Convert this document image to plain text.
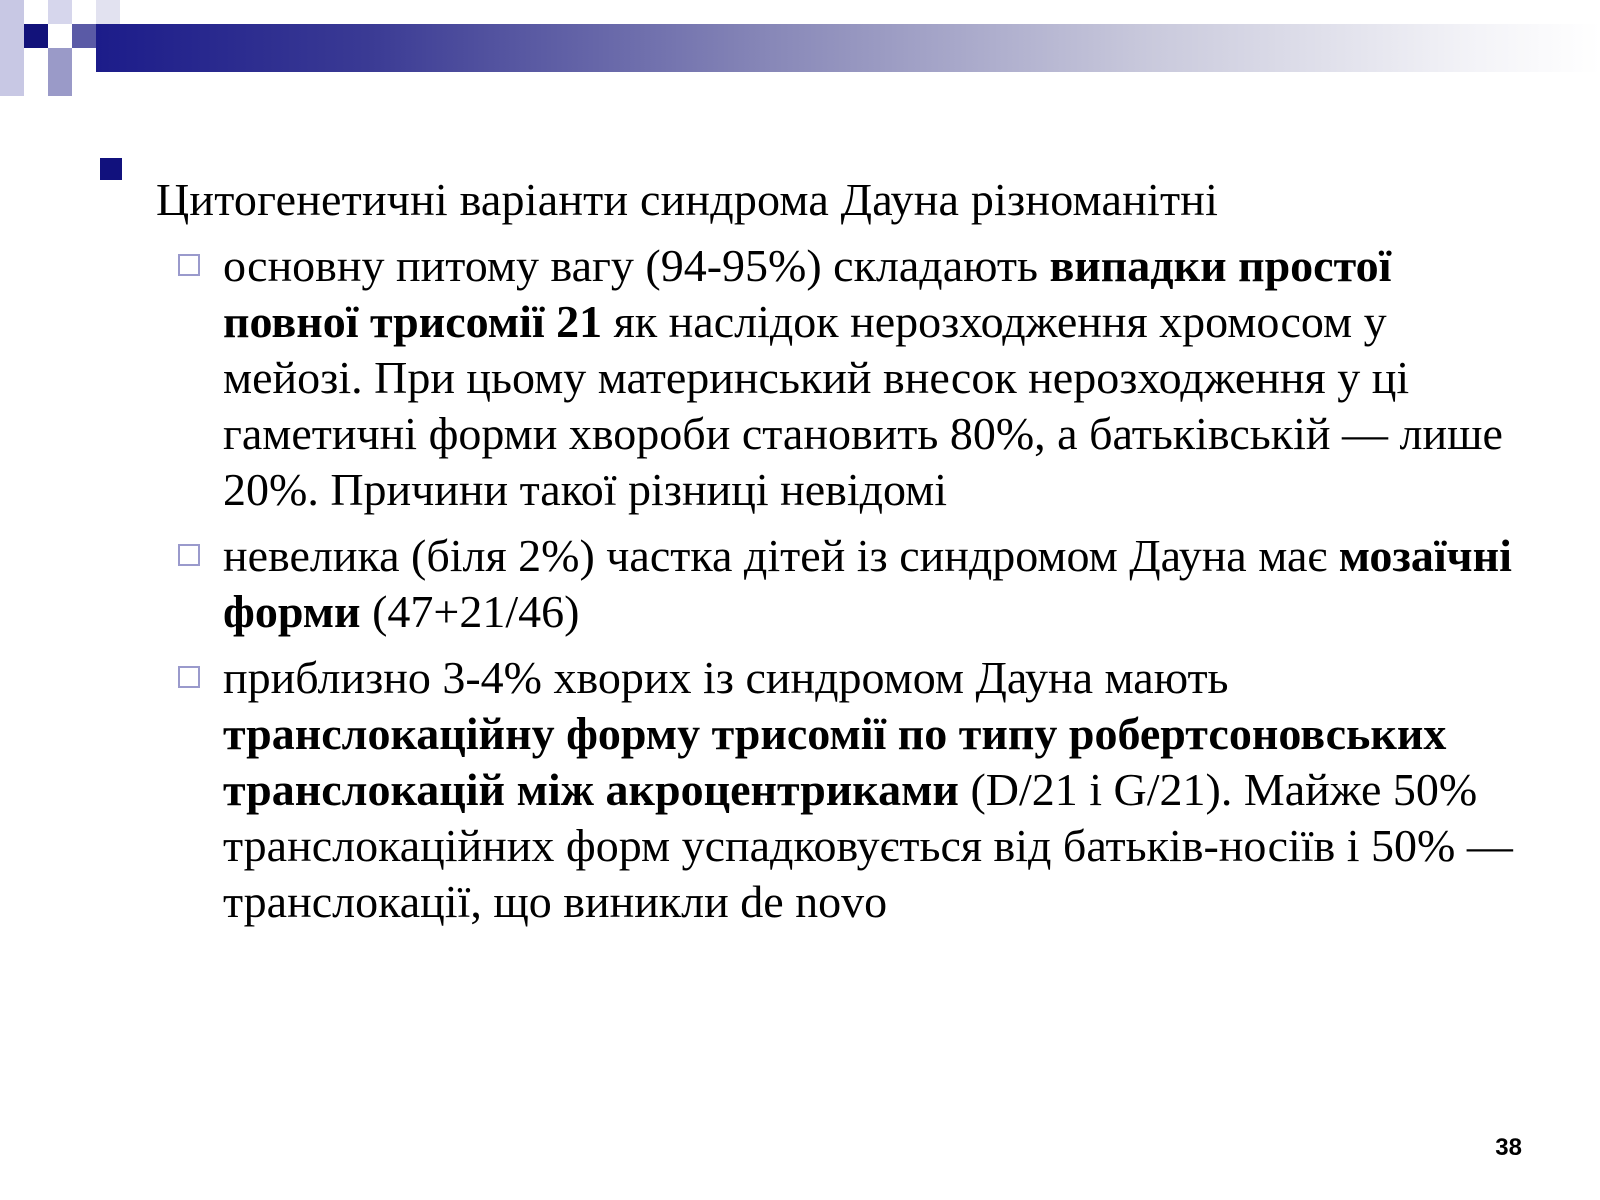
Цитогенетичні варіанти синдрома Дауна різноманітні

основну питому вагу (94-95%) складають випадки простої повної трисомії 21 як наслідок нерозходження хромосом у мейозі. При цьому материнський внесок нерозходження у ці гаметичні форми хвороби становить 80%, а батьківській — лише 20%. Причини такої різниці невідомі
невелика (біля 2%) частка дітей із синдромом Дауна має мозаїчні форми (47+21/46)
приблизно 3-4% хворих із синдромом Дауна мають транслокаційну форму трисомії по типу робертсоновських транслокацій між акроцентриками (D/21 і G/21). Майже 50% транслокаційних форм успадковується від батьків-носіїв і 50% — транслокації, що виникли de novo
38
